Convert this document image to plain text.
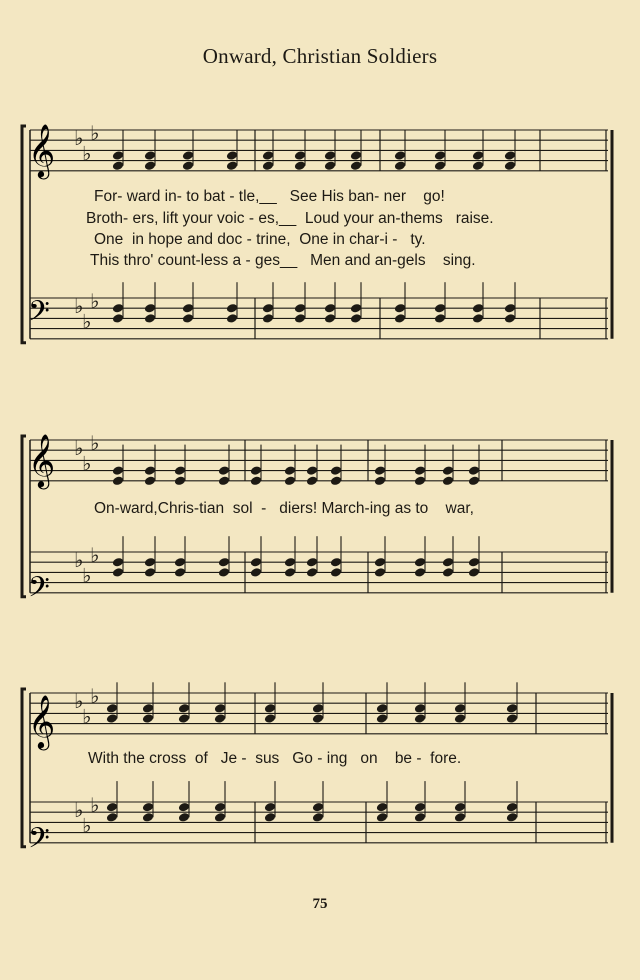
Onward, Christian Soldiers
♭
♭
♭
♭
♭
♭
♭
♭
♭
♭
♭
♭
♭
♭
♭
♭
♭
♭
𝄞
𝄢
𝄞
𝄢
𝄞
𝄢
For- ward in- to bat - tle,__ See His ban- ner go!
Broth- ers, lift your voic - es,__ Loud your an-thems raise.
One in hope and doc - trine, One in char-i - ty.
This thro' count-less a - ges__ Men and an-gels sing.
On-ward,Chris-tian sol - diers! March-ing as to war,
With the cross of Je - sus Go - ing on be - fore.
75
